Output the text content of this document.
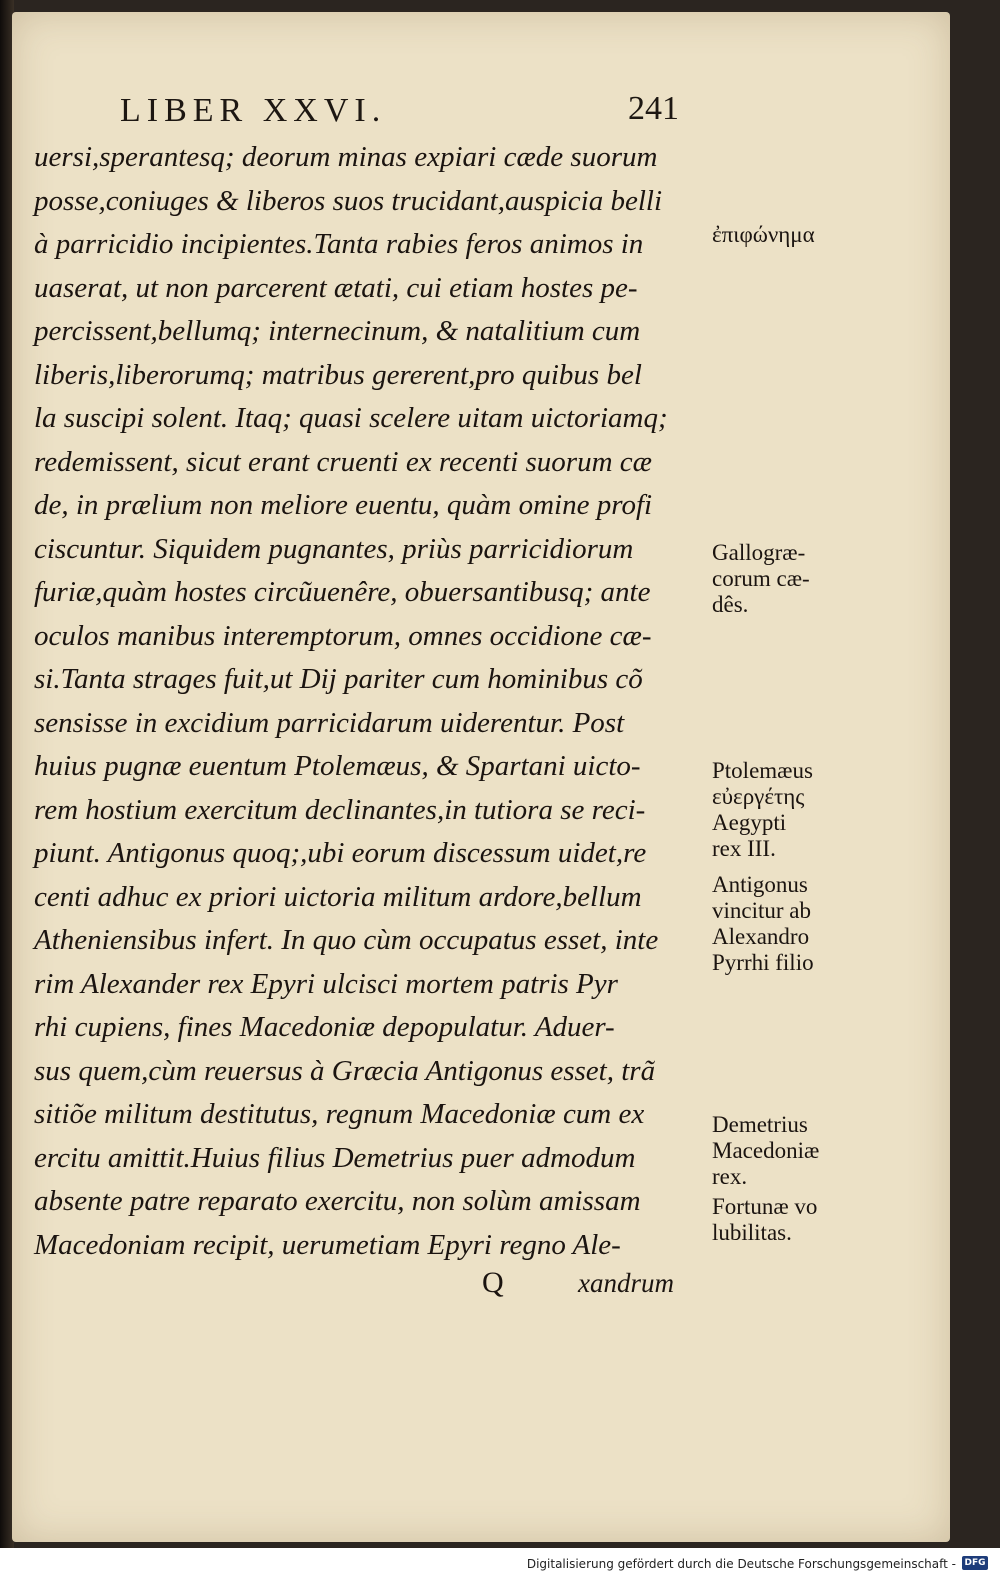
LIBER XXVI.	241
uersi,sperantesq; deorum minas expiari cæde suorum
posse,coniuges & liberos suos trucidant,auspicia belli
à parricidio incipientes.Tanta rabies feros animos in
uaserat, ut non parcerent ætati, cui etiam hostes pe-
percissent,bellumq; internecinum, & natalitium cum
liberis,liberorumq; matribus gererent,pro quibus bel
la suscipi solent. Itaq; quasi scelere uitam uictoriamq;
redemissent, sicut erant cruenti ex recenti suorum cæ
de, in prælium non meliore euentu, quàm omine profi
ciscuntur. Siquidem pugnantes, priùs parricidiorum
furiæ,quàm hostes circũuenêre, obuersantibusq; ante
oculos manibus interemptorum, omnes occidione cæ-
si.Tanta strages fuit,ut Dij pariter cum hominibus cõ
sensisse in excidium parricidarum uiderentur. Post
huius pugnæ euentum Ptolemæus, & Spartani uicto-
rem hostium exercitum declinantes,in tutiora se reci-
piunt. Antigonus quoq;,ubi eorum discessum uidet,re
centi adhuc ex priori uictoria militum ardore,bellum
Atheniensibus infert. In quo cùm occupatus esset, inte
rim Alexander rex Epyri ulcisci mortem patris Pyr
rhi cupiens, fines Macedoniæ depopulatur. Aduer-
sus quem,cùm reuersus à Græcia Antigonus esset, trã
sitiõe militum destitutus, regnum Macedoniæ cum ex
ercitu amittit.Huius filius Demetrius puer admodum
absente patre reparato exercitu, non solùm amissam
Macedoniam recipit, uerumetiam Epyri regno Ale-
ἐπιφώνημα
Gallogræ-
corum cæ-
dês.
Ptolemæus
εὐεργέτης
Aegypti
rex III.
Antigonus
vincitur ab
Alexandro
Pyrrhi filio
Demetrius
Macedoniæ
rex.
Fortunæ vo
lubilitas.
Q	xandrum
Digitalisierung gefördert durch die Deutsche Forschungsgemeinschaft - DFG
